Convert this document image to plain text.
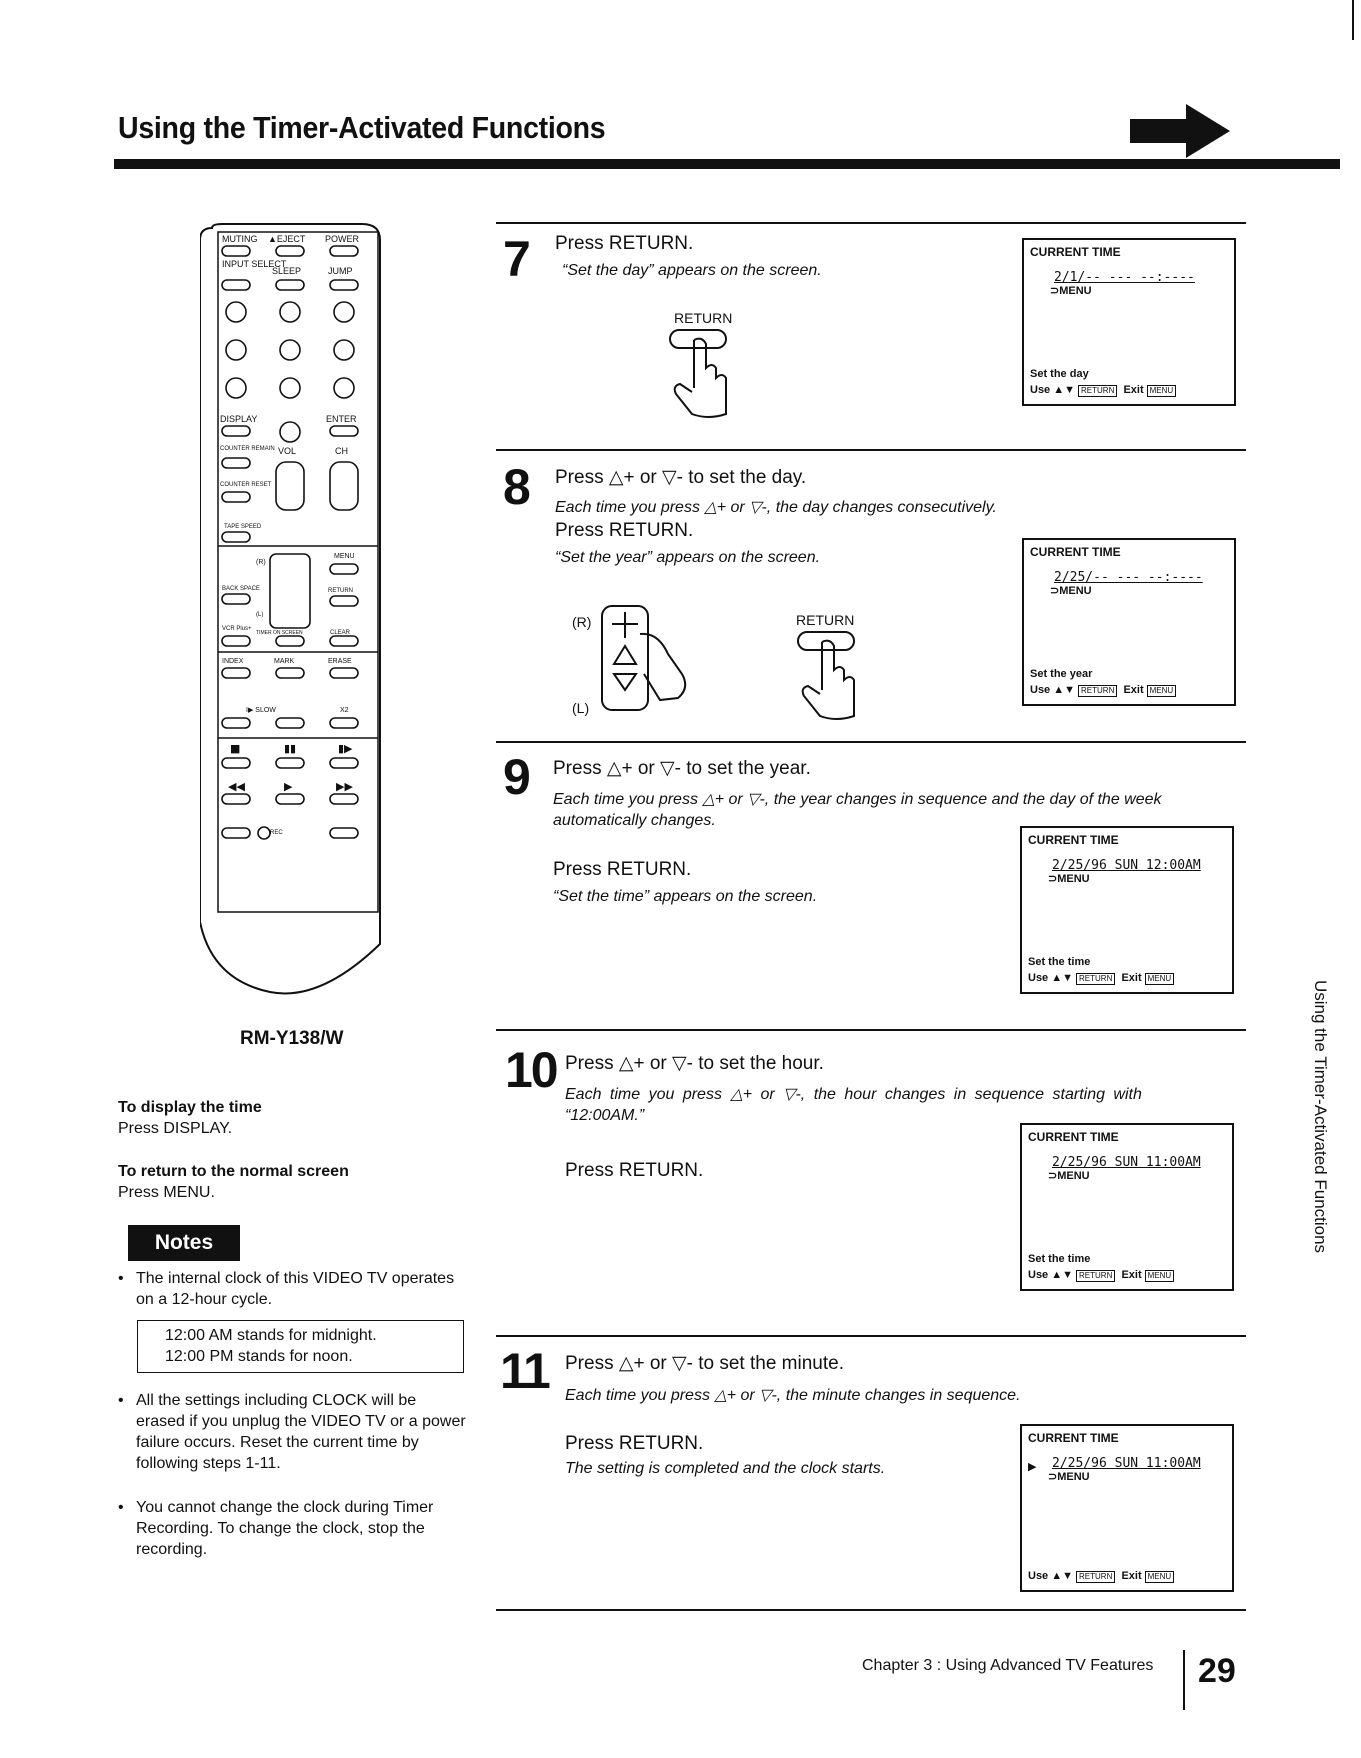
Using the Timer-Activated Functions
MUTING ▲EJECT POWER
INPUT SELECT
SLEEP	JUMP
DISPLAY	ENTER
COUNTER REMAIN VOL	CH
COUNTER RESET
TAPE SPEED
(R)
MENU
BACK SPACE
(L)
RETURN
VCR Plus+
TIMER ON SCREEN	CLEAR
INDEX	MARK	ERASE
I▶ SLOW	X2
REC
■	▮▮	▮▶
◀◀	▶	▶▶
RM-Y138/W
To display the time
Press DISPLAY.
To return to the normal screen
Press MENU.
Notes
• The internal clock of this VIDEO TV operates on a 12-hour cycle.
12:00 AM stands for midnight.
12:00 PM stands for noon.
• All the settings including CLOCK will be erased if you unplug the VIDEO TV or a power failure occurs. Reset the current time by following steps 1-11.
• You cannot change the clock during Timer Recording. To change the clock, stop the recording.
7 Press RETURN.
“Set the day” appears on the screen.
RETURN
CURRENT TIME
2/1/-- --- --:----
⊃MENU
Set the day
Use ▲▼ RETURN Exit MENU
8 Press △+ or ▽- to set the day.
Each time you press △+ or ▽-, the day changes consecutively.
Press RETURN.
“Set the year” appears on the screen.
(R)
(L)
RETURN
CURRENT TIME
2/25/-- --- --:----
⊃MENU
Set the year
Use ▲▼ RETURN Exit MENU
9 Press △+ or ▽- to set the year.
Each time you press △+ or ▽-, the year changes in sequence and the day of the week
automatically changes.
Press RETURN.
“Set the time” appears on the screen.
CURRENT TIME
2/25/96 SUN 12:00AM
⊃MENU
Set the time
Use ▲▼ RETURN Exit MENU
10 Press △+ or ▽- to set the hour.
Each time you press △+ or ▽-, the hour changes in sequence starting with
“12:00AM.”
Press RETURN.
CURRENT TIME
2/25/96 SUN 11:00AM
⊃MENU
Set the time
Use ▲▼ RETURN Exit MENU
11 Press △+ or ▽- to set the minute.
Each time you press △+ or ▽-, the minute changes in sequence.
Press RETURN.
The setting is completed and the clock starts.
CURRENT TIME
▶ 2/25/96 SUN 11:00AM
⊃MENU
Use ▲▼ RETURN Exit MENU
Using the Timer-Activated Functions
Chapter 3 : Using Advanced TV Features 29
